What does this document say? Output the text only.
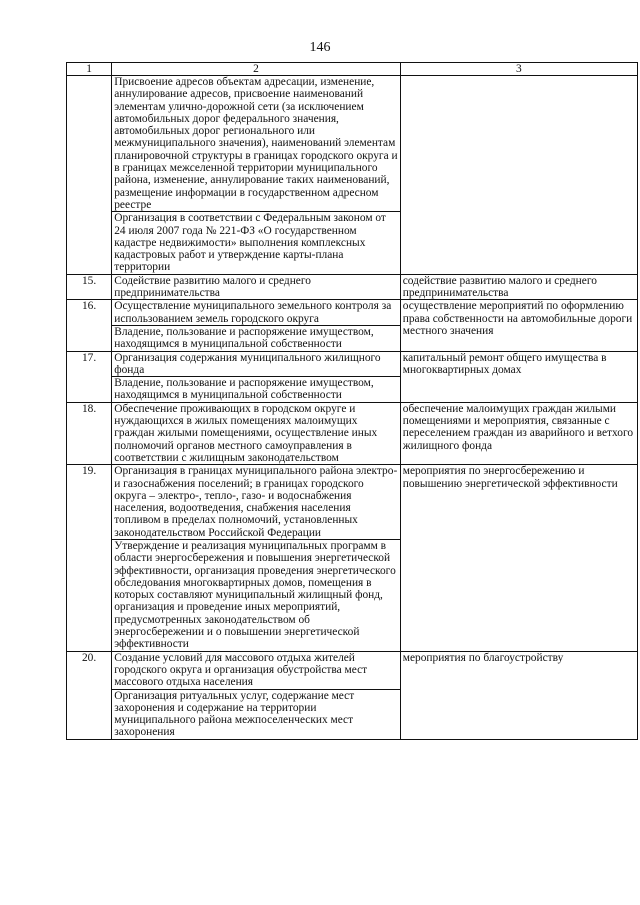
146
1	2	3
	Присвоение адресов объектам адресации, изменение, аннулирование адресов, присвоение наименований элементам улично-дорожной сети (за исключением автомобильных дорог федерального значения, автомобильных дорог регионального или межмуниципального значения), наименований элементам планировочной структуры в границах городского округа и в границах межселенной территории муниципального района, изменение, аннулирование таких наименований, размещение информации в государственном адресном реестре	
	Организация в соответствии с Федеральным законом от 24 июля 2007 года № 221-ФЗ «О государственном кадастре недвижимости» выполнения комплексных кадастровых работ и утверждение карты-плана территории	
15.	Содействие развитию малого и среднего предпринимательства	содействие развитию малого и среднего предпринимательства
16.	Осуществление муниципального земельного контроля за использованием земель городского округа	осуществление мероприятий по оформлению права собственности на автомобильные дороги местного значения
	Владение, пользование и распоряжение имуществом, находящимся в муниципальной собственности	
17.	Организация содержания муниципального жилищного фонда	капитальный ремонт общего имущества в многоквартирных домах
	Владение, пользование и распоряжение имуществом, находящимся в муниципальной собственности	
18.	Обеспечение проживающих в городском округе и нуждающихся в жилых помещениях малоимущих граждан жилыми помещениями, осуществление иных полномочий органов местного самоуправления в соответствии с жилищным законодательством	обеспечение малоимущих граждан жилыми помещениями и мероприятия, связанные с переселением граждан из аварийного и ветхого жилищного фонда
19.	Организация в границах муниципального района электро- и газоснабжения поселений; в границах городского округа – электро-, тепло-, газо- и водоснабжения населения, водоотведения, снабжения населения топливом в пределах полномочий, установленных законодательством Российской Федерации	мероприятия по энергосбережению и повышению энергетической эффективности
	Утверждение и реализация муниципальных программ в области энергосбережения и повышения энергетической эффективности, организация проведения энергетического обследования многоквартирных домов, помещения в которых составляют муниципальный жилищный фонд, организация и проведение иных мероприятий, предусмотренных законодательством об энергосбережении и о повышении энергетической эффективности	
20.	Создание условий для массового отдыха жителей городского округа и организация обустройства мест массового отдыха населения	мероприятия по благоустройству
	Организация ритуальных услуг, содержание мест захоронения и содержание на территории муниципального района межпоселенческих мест захоронения	
